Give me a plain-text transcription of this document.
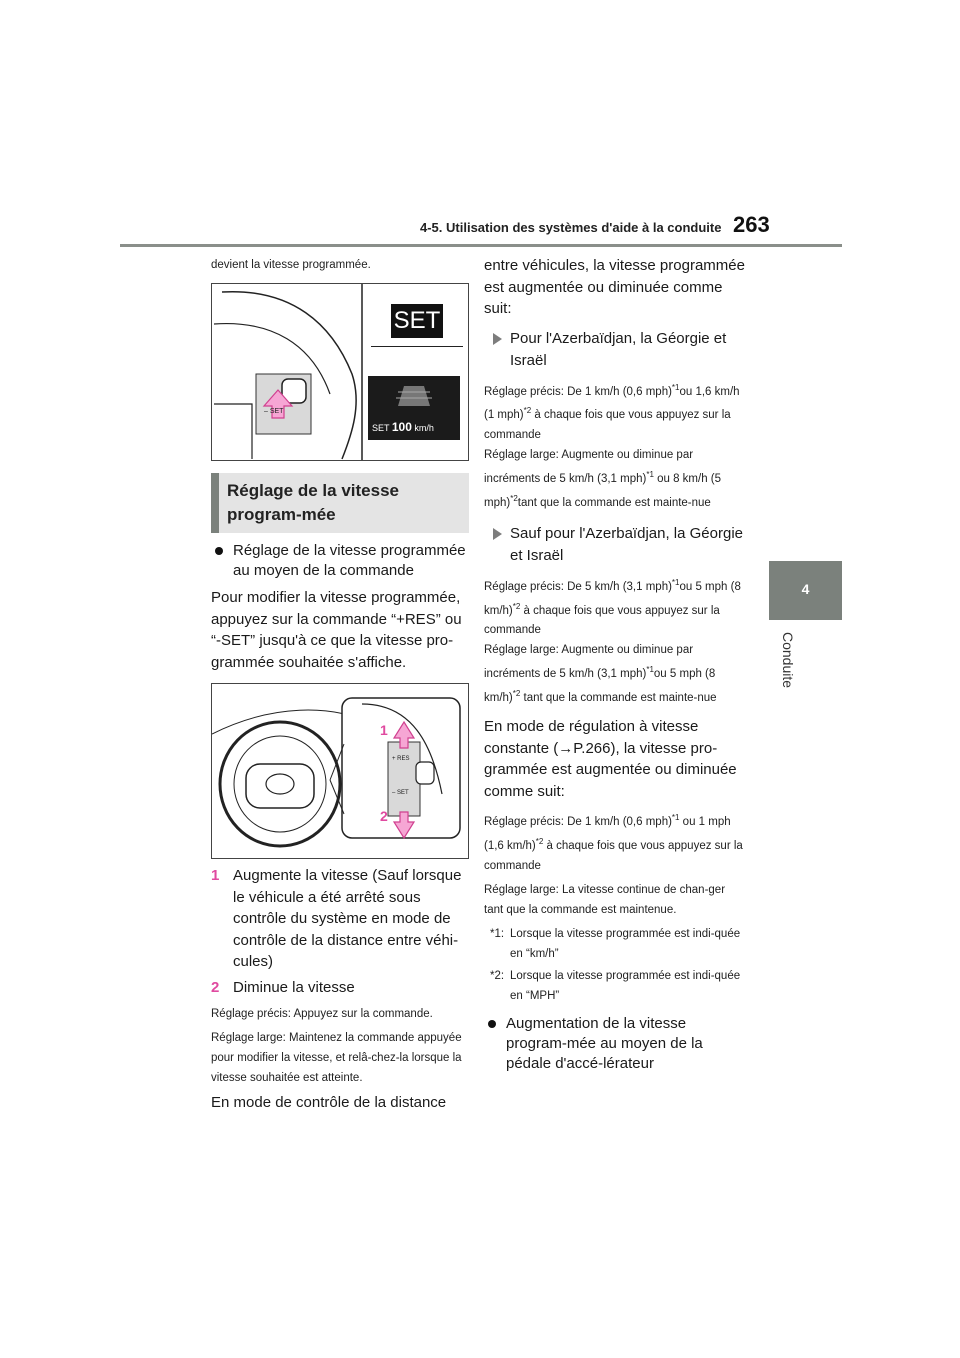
4-5. Utilisation des systèmes d'aide à la conduite 263
4
Conduite

devient la vitesse programmée.

SET
SET 100 km/h
– SET
Réglage de la vitesse program-mée
Réglage de la vitesse programmée au moyen de la commande

Pour modifier la vitesse programmée, appuyez sur la commande “+RES” ou “-SET” jusqu'à ce que la vitesse pro-grammée souhaitée s'affiche.

1
2
+ RES
– SET
1 Augmente la vitesse (Sauf lorsque le véhicule a été arrêté sous contrôle du système en mode de contrôle de la distance entre véhi-cules)
2 Diminue la vitesse

Réglage précis: Appuyez sur la commande.

Réglage large: Maintenez la commande appuyée pour modifier la vitesse, et relâ-chez-la lorsque la vitesse souhaitée est atteinte.

En mode de contrôle de la distance

entre véhicules, la vitesse programmée est augmentée ou diminuée comme suit:

Pour l'Azerbaïdjan, la Géorgie et Israël

Réglage précis: De 1 km/h (0,6 mph)$^{*1}$ou 1,6 km/h (1 mph)$^{*2}$ à chaque fois que vous appuyez sur la commande

Réglage large: Augmente ou diminue par incréments de 5 km/h (3,1 mph)$^{*1}$ ou 8 km/h (5 mph)$^{*2}$tant que la commande est mainte-nue

Sauf pour l'Azerbaïdjan, la Géorgie et Israël

Réglage précis: De 5 km/h (3,1 mph)$^{*1}$ou 5 mph (8 km/h)$^{*2}$ à chaque fois que vous appuyez sur la commande

Réglage large: Augmente ou diminue par incréments de 5 km/h (3,1 mph)$^{*1}$ou 5 mph (8 km/h)$^{*2}$ tant que la commande est mainte-nue

En mode de régulation à vitesse constante (→P.266), la vitesse pro-grammée est augmentée ou diminuée comme suit:

Réglage précis: De 1 km/h (0,6 mph)$^{*1}$ ou 1 mph (1,6 km/h)$^{*2}$ à chaque fois que vous appuyez sur la commande

Réglage large: La vitesse continue de chan-ger tant que la commande est maintenue.

*1: Lorsque la vitesse programmée est indi-quée en “km/h”
*2: Lorsque la vitesse programmée est indi-quée en “MPH”
Augmentation de la vitesse program-mée au moyen de la pédale d'accé-lérateur
